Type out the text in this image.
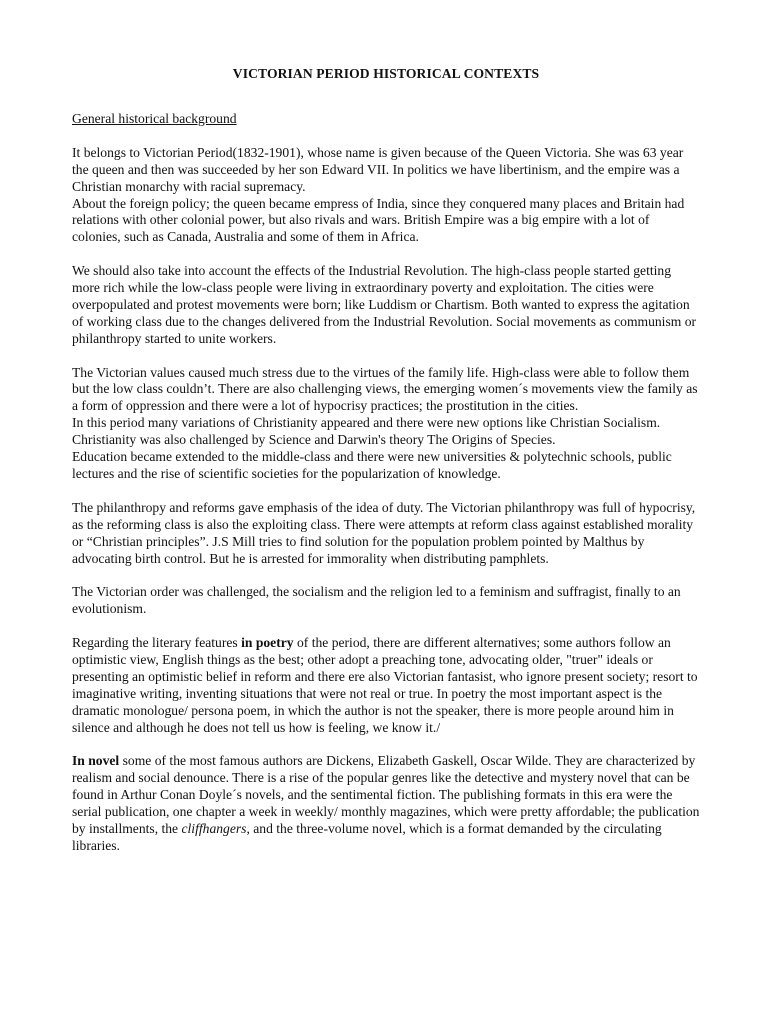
VICTORIAN PERIOD HISTORICAL CONTEXTS
General historical background

It belongs to Victorian Period(1832-1901), whose name is given because of the Queen Victoria. She was 63 year the queen and then was succeeded by her son Edward VII. In politics we have libertinism, and the empire was a Christian monarchy with racial supremacy.

About the foreign policy; the queen became empress of India, since they conquered many places and Britain had relations with other colonial power, but also rivals and wars. British Empire was a big empire with a lot of colonies, such as Canada, Australia and some of them in Africa.

We should also take into account the effects of the Industrial Revolution. The high-class people started getting more rich while the low-class people were living in extraordinary poverty and exploitation. The cities were overpopulated and protest movements were born; like Luddism or Chartism. Both wanted to express the agitation of working class due to the changes delivered from the Industrial Revolution. Social movements as communism or philanthropy started to unite workers.

The Victorian values caused much stress due to the virtues of the family life. High-class were able to follow them but the low class couldn’t. There are also challenging views, the emerging women´s movements view the family as a form of oppression and there were a lot of hypocrisy practices; the prostitution in the cities.

In this period many variations of Christianity appeared and there were new options like Christian Socialism. Christianity was also challenged by Science and Darwin's theory The Origins of Species.

Education became extended to the middle-class and there were new universities & polytechnic schools, public lectures and the rise of scientific societies for the popularization of knowledge.

The philanthropy and reforms gave emphasis of the idea of duty. The Victorian philanthropy was full of hypocrisy, as the reforming class is also the exploiting class. There were attempts at reform class against established morality or “Christian principles”. J.S Mill tries to find solution for the population problem pointed by Malthus by advocating birth control. But he is arrested for immorality when distributing pamphlets.

The Victorian order was challenged, the socialism and the religion led to a feminism and suffragist, finally to an evolutionism.

Regarding the literary features in poetry of the period, there are different alternatives; some authors follow an optimistic view, English things as the best; other adopt a preaching tone, advocating older, "truer" ideals or presenting an optimistic belief in reform and there ere also Victorian fantasist, who ignore present society; resort to imaginative writing, inventing situations that were not real or true. In poetry the most important aspect is the dramatic monologue/ persona poem, in which the author is not the speaker, there is more people around him in silence and although he does not tell us how is feeling, we know it./

In novel some of the most famous authors are Dickens, Elizabeth Gaskell, Oscar Wilde. They are characterized by realism and social denounce. There is a rise of the popular genres like the detective and mystery novel that can be found in Arthur Conan Doyle´s novels, and the sentimental fiction. The publishing formats in this era were the serial publication, one chapter a week in weekly/ monthly magazines, which were pretty affordable; the publication by installments, the cliffhangers, and the three-volume novel, which is a format demanded by the circulating libraries.
